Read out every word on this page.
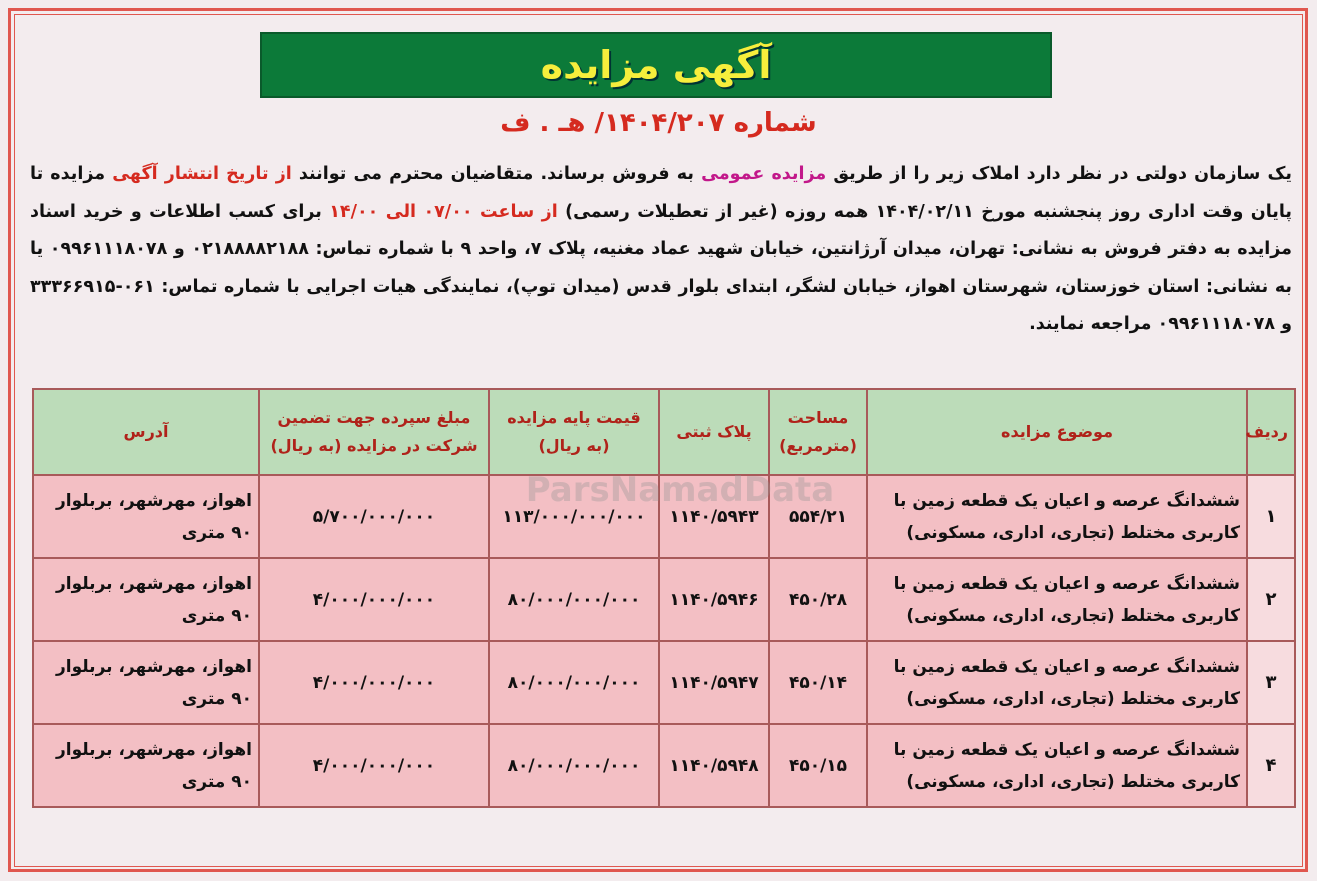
آگهی مزایده
شماره ۱۴۰۴/۲۰۷/ هـ . ف
یک سازمان دولتی در نظر دارد املاک زیر را از طریق مزایده عمومی به فروش برساند. متقاضیان محترم می توانند از تاریخ انتشار آگهی مزایده تا پایان وقت اداری روز پنجشنبه مورخ ۱۴۰۴/۰۲/۱۱ همه روزه (غیر از تعطیلات رسمی) از ساعت ۰۷/۰۰ الی ۱۴/۰۰ برای کسب اطلاعات و خرید اسناد مزایده به دفتر فروش به نشانی: تهران، میدان آرژانتین، خیابان شهید عماد مغنیه، پلاک ۷، واحد ۹ با شماره تماس: ۰۲۱۸۸۸۸۲۱۸۸ و ۰۹۹۶۱۱۱۸۰۷۸ یا به نشانی: استان خوزستان، شهرستان اهواز، خیابان لشگر، ابتدای بلوار قدس (میدان توپ)، نمایندگی هیات اجرایی با شماره تماس: ۰۶۱-۳۳۳۶۶۹۱۵ و ۰۹۹۶۱۱۱۸۰۷۸ مراجعه نمایند.
ردیف	موضوع مزایده	مساحت (مترمربع)	پلاک ثبتی	قیمت پایه مزایده (به ریال)	مبلغ سپرده جهت تضمین شرکت در مزایده (به ریال)	آدرس
۱	ششدانگ عرصه و اعیان یک قطعه زمین با کاربری مختلط (تجاری، اداری، مسکونی)	۵۵۴/۲۱	۱۱۴۰/۵۹۴۳	۱۱۳/۰۰۰/۰۰۰/۰۰۰	۵/۷۰۰/۰۰۰/۰۰۰	اهواز، مهرشهر، بربلوار ۹۰ متری
۲	ششدانگ عرصه و اعیان یک قطعه زمین با کاربری مختلط (تجاری، اداری، مسکونی)	۴۵۰/۲۸	۱۱۴۰/۵۹۴۶	۸۰/۰۰۰/۰۰۰/۰۰۰	۴/۰۰۰/۰۰۰/۰۰۰	اهواز، مهرشهر، بربلوار ۹۰ متری
۳	ششدانگ عرصه و اعیان یک قطعه زمین با کاربری مختلط (تجاری، اداری، مسکونی)	۴۵۰/۱۴	۱۱۴۰/۵۹۴۷	۸۰/۰۰۰/۰۰۰/۰۰۰	۴/۰۰۰/۰۰۰/۰۰۰	اهواز، مهرشهر، بربلوار ۹۰ متری
۴	ششدانگ عرصه و اعیان یک قطعه زمین با کاربری مختلط (تجاری، اداری، مسکونی)	۴۵۰/۱۵	۱۱۴۰/۵۹۴۸	۸۰/۰۰۰/۰۰۰/۰۰۰	۴/۰۰۰/۰۰۰/۰۰۰	اهواز، مهرشهر، بربلوار ۹۰ متری
ParsNamadData
